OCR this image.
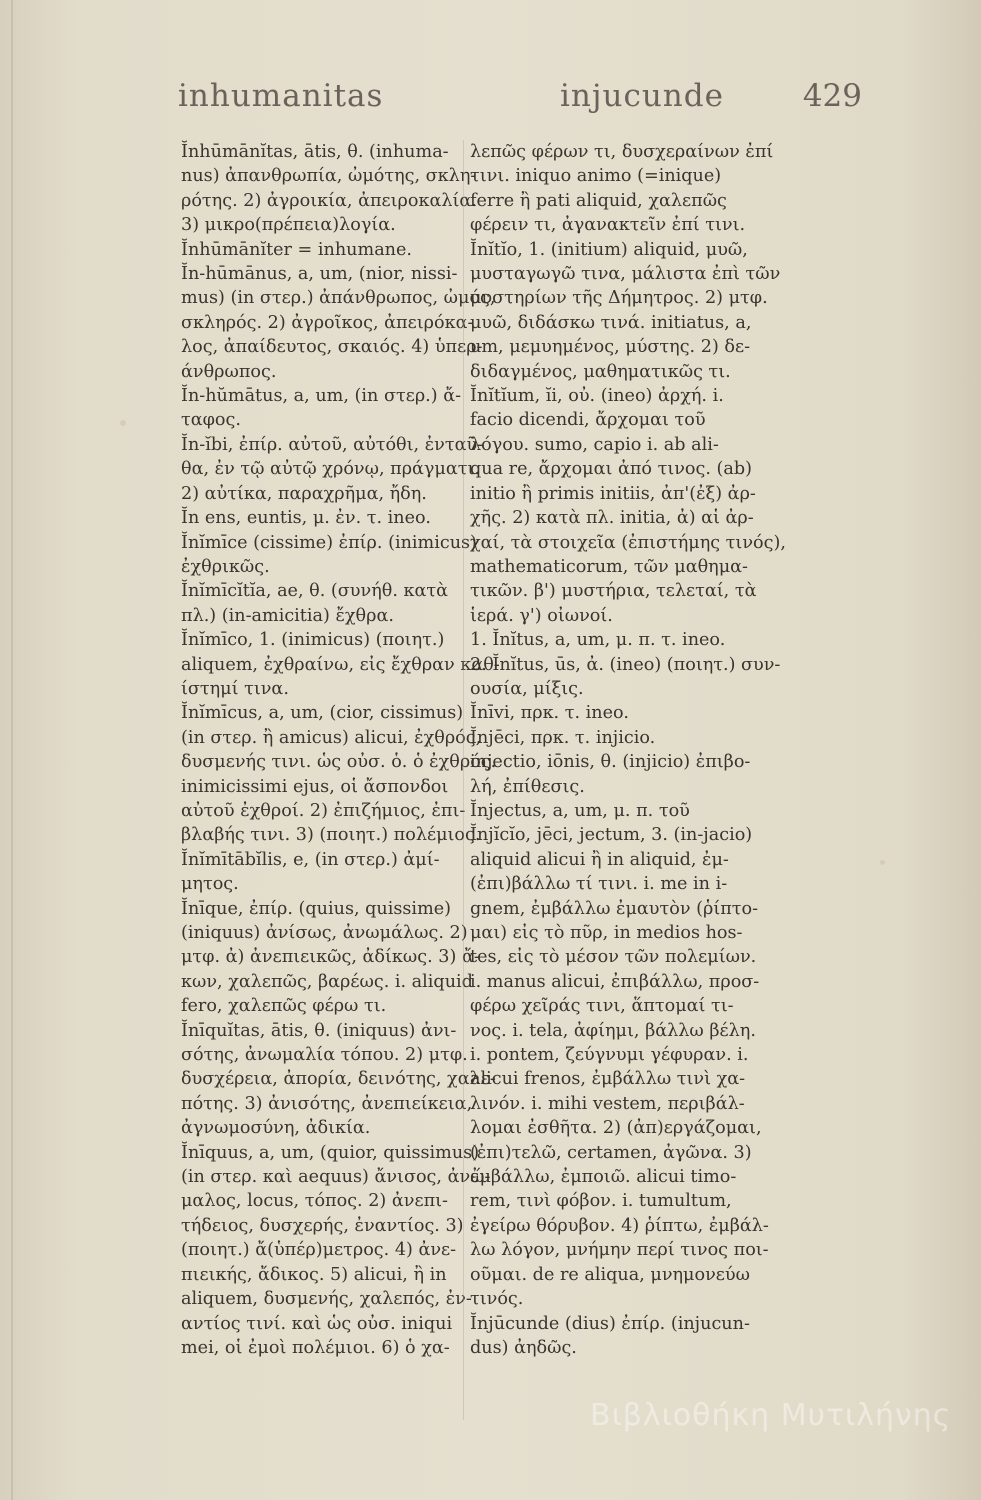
inhumanitas	injucunde	429
Ĭnhūmānĭtas, ātis, θ. (inhuma-
nus) ἀπανθρωπία, ὠμότης, σκλη-
ρότης. 2) ἀγροικία, ἀπειροκαλία.
3) μικρο(πρέπεια)λογία.
Ĭnhūmānĭter = inhumane.
Ĭn-hūmānus, a, um, (nior, nissi-
mus) (in στερ.) ἀπάνθρωπος, ὠμός,
σκληρός. 2) ἀγροῖκος, ἀπειρόκα-
λος, ἀπαίδευτος, σκαιός. 4) ὑπερ-
άνθρωπος.
Ĭn-hŭmātus, a, um, (in στερ.) ἄ-
ταφος.
Ĭn-ĭbi, ἐπίρ. αὐτοῦ, αὐτόθι, ἐνταῦ-
θα, ἐν τῷ αὐτῷ χρόνῳ, πράγματι.
2) αὐτίκα, παραχρῆμα, ἤδη.
Ĭn ens, euntis, μ. ἐν. τ. ineo.
Ĭnĭmīce (cissime) ἐπίρ. (inimicus)
ἐχθρικῶς.
Ĭnĭmīcĭtĭa, ae, θ. (συνήθ. κατὰ
πλ.) (in-amicitia) ἔχθρα.
Ĭnĭmīco, 1. (inimicus) (ποιητ.)
aliquem, ἐχθραίνω, εἰς ἔχθραν καθ-
ίστημί τινα.
Ĭnĭmīcus, a, um, (cior, cissimus)
(in στερ. ἢ amicus) alicui, ἐχθρός,
δυσμενής τινι. ὡς οὐσ. ὁ. ὁ ἐχθρός.
inimicissimi ejus, οἱ ἄσπονδοι
αὐτοῦ ἐχθροί. 2) ἐπιζήμιος, ἐπι-
βλαβής τινι. 3) (ποιητ.) πολέμιος.
Ĭnĭmītābĭlis, e, (in στερ.) ἀμί-
μητος.
Ĭnīque, ἐπίρ. (quius, quissime)
(iniquus) ἀνίσως, ἀνωμάλως. 2)
μτφ. ἀ) ἀνεπιεικῶς, ἀδίκως. 3) ἄ-
κων, χαλεπῶς, βαρέως. i. aliquid
fero, χαλεπῶς φέρω τι.
Ĭnīquĭtas, ātis, θ. (iniquus) ἀνι-
σότης, ἀνωμαλία τόπου. 2) μτφ.
δυσχέρεια, ἀπορία, δεινότης, χαλε-
πότης. 3) ἀνισότης, ἀνεπιείκεια,
ἀγνωμοσύνη, ἀδικία.
Ĭnīquus, a, um, (quior, quissimus)
(in στερ. καὶ aequus) ἄνισος, ἀνώ-
μαλος, locus, τόπος. 2) ἀνεπι-
τήδειος, δυσχερής, ἐναντίος. 3)
(ποιητ.) ἄ(ὑπέρ)μετρος. 4) ἀνε-
πιεικής, ἄδικος. 5) alicui, ἢ in
aliquem, δυσμενής, χαλεπός, ἐν-
αντίος τινί. καὶ ὡς οὐσ. iniqui
mei, οἱ ἐμοὶ πολέμιοι. 6) ὁ χα-
λεπῶς φέρων τι, δυσχεραίνων ἐπί
τινι. iniquo animo (=inique)
ferre ἢ pati aliquid, χαλεπῶς
φέρειν τι, ἀγανακτεῖν ἐπί τινι.
Ĭnĭtĭo, 1. (initium) aliquid, μυῶ,
μυσταγωγῶ τινα, μάλιστα ἐπὶ τῶν
μυστηρίων τῆς Δήμητρος. 2) μτφ.
μυῶ, διδάσκω τινά. initiatus, a,
um, μεμυημένος, μύστης. 2) δε-
διδαγμένος, μαθηματικῶς τι.
Ĭnĭtĭum, ĭi, οὐ. (ineo) ἀρχή. i.
facio dicendi, ἄρχομαι τοῦ
λόγου. sumo, capio i. ab ali-
qua re, ἄρχομαι ἀπό τινος. (ab)
initio ἢ primis initiis, ἀπ'(ἐξ) ἀρ-
χῆς. 2) κατὰ πλ. initia, ἀ) αἱ ἀρ-
χαί, τὰ στοιχεῖα (ἐπιστήμης τινός),
mathematicorum, τῶν μαθημα-
τικῶν. β') μυστήρια, τελεταί, τὰ
ἱερά. γ') οἰωνοί.
1. Ĭnĭtus, a, um, μ. π. τ. ineo.
2. Ĭnĭtus, ūs, ἀ. (ineo) (ποιητ.) συν-
ουσία, μίξις.
Ĭnīvi, πρκ. τ. ineo.
Ĭnjēci, πρκ. τ. injicio.
injectio, iōnis, θ. (injicio) ἐπιβο-
λή, ἐπίθεσις.
Ĭnjectus, a, um, μ. π. τοῦ
Ĭnjĭcĭo, jēci, jectum, 3. (in-jacio)
aliquid alicui ἢ in aliquid, ἐμ-
(ἐπι)βάλλω τί τινι. i. me in i-
gnem, ἐμβάλλω ἐμαυτὸν (ῥίπτο-
μαι) εἰς τὸ πῦρ, in medios hos-
tes, εἰς τὸ μέσον τῶν πολεμίων.
i. manus alicui, ἐπιβάλλω, προσ-
φέρω χεῖράς τινι, ἅπτομαί τι-
νος. i. tela, ἀφίημι, βάλλω βέλη.
i. pontem, ζεύγνυμι γέφυραν. i.
alicui frenos, ἐμβάλλω τινὶ χα-
λινόν. i. mihi vestem, περιβάλ-
λομαι ἐσθῆτα. 2) (ἀπ)εργάζομαι,
(ἐπι)τελῶ, certamen, ἀγῶνα. 3)
ἐμβάλλω, ἐμποιῶ. alicui timo-
rem, τινὶ φόβον. i. tumultum,
ἐγείρω θόρυβον. 4) ῥίπτω, ἐμβάλ-
λω λόγον, μνήμην περί τινος ποι-
οῦμαι. de re aliqua, μνημονεύω
τινός.
Ĭnjūcunde (dius) ἐπίρ. (injucun-
dus) ἀηδῶς.
Βιβλιοθήκη Μυτιλήνης
